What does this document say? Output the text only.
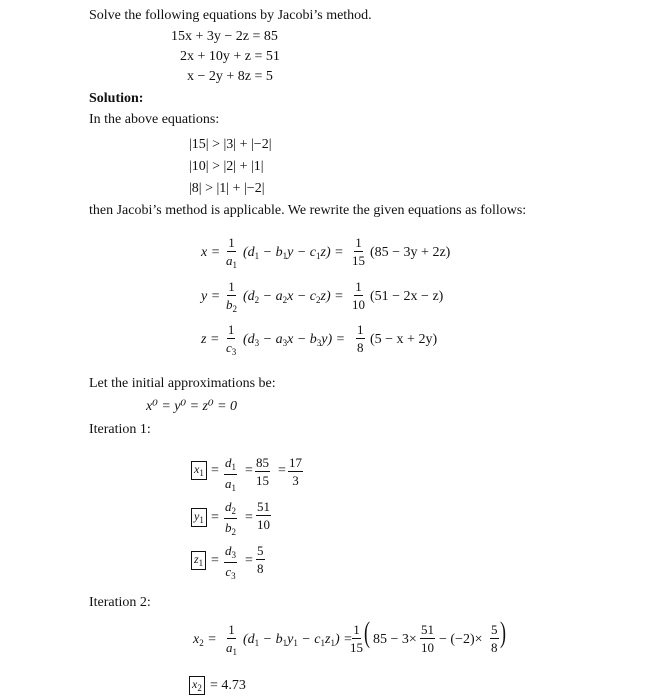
Solve the following equations by Jacobi’s method.
15x + 3y − 2z = 85
2x + 10y + z = 51
x − 2y + 8z = 5
Solution:
In the above equations:
|15| > |3| + |−2|
|10| > |2| + |1|
|8| > |1| + |−2|
then Jacobi’s method is applicable. We rewrite the given equations as follows:
$x = \frac{1}{a_1} (d_1 - b_1y - c_1z) = \frac{1}{15} (85 - 3y + 2z)$
$y = \frac{1}{b_2} (d_2 - a_2x - c_2z) = \frac{1}{10} (51 - 2x - z)$
$z = \frac{1}{c_3} (d_3 - a_3x - b_3y) = \frac{1}{8} (5 - x + 2y)$
Let the initial approximations be:
x⁰ = y⁰ = z⁰ = 0
Iteration 1:
$x_1 = \frac{d_1}{a_1} = \frac{85}{15} = \frac{17}{3}$
$y_1 = \frac{d_2}{b_2} = \frac{51}{10}$
$z_1 = \frac{d_3}{c_3} = \frac{5}{8}$
Iteration 2:
$x_2 = \frac{1}{a_1} (d_1 - b_1y_1 - c_1z_1)$ =
$\frac{1}{15}$ ( $85 - 3\times \frac{51}{10} - (-2)\times \frac{5}{8}$ )
$x_2 = 4.73$
